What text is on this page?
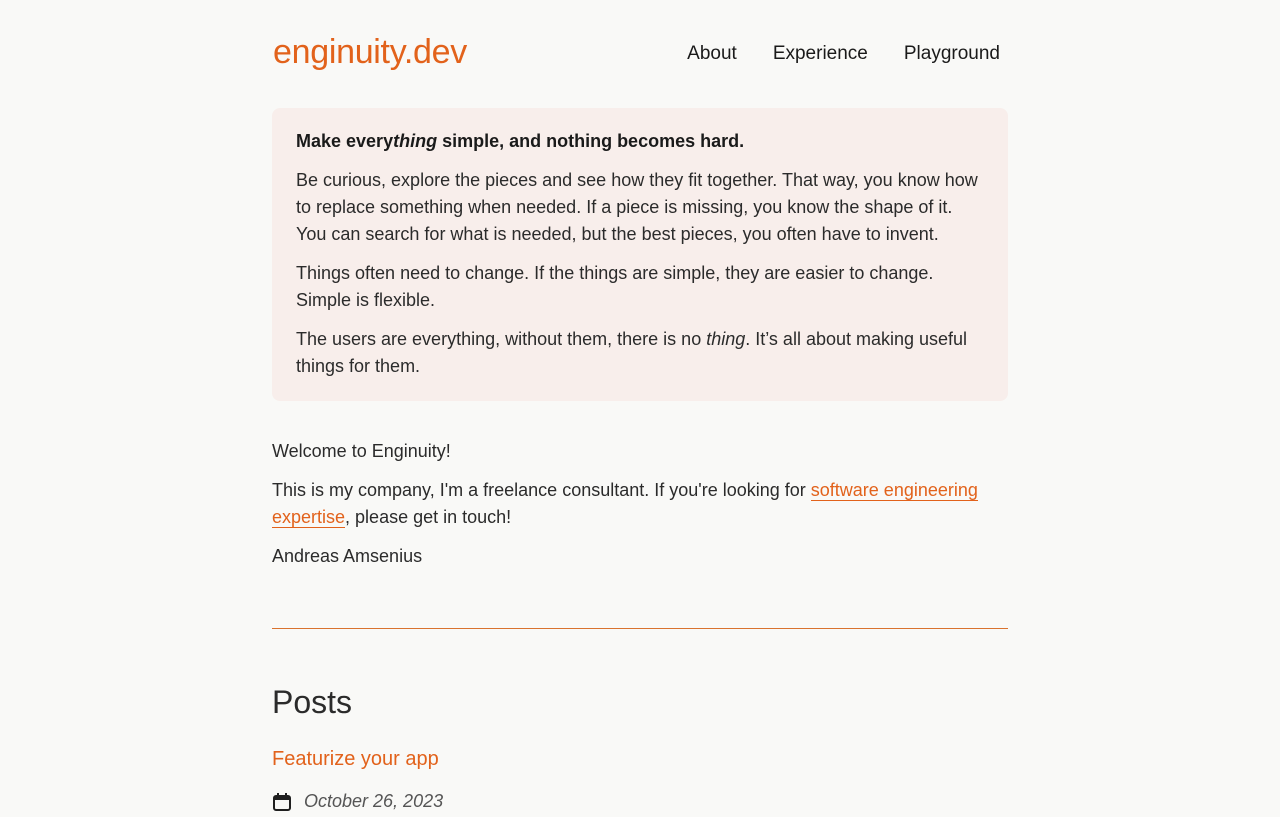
enginuity.dev	About Experience Playground

Make everything simple, and nothing becomes hard.

Be curious, explore the pieces and see how they fit together. That way, you know how to replace something when needed. If a piece is missing, you know the shape of it. You can search for what is needed, but the best pieces, you often have to invent.

Things often need to change. If the things are simple, they are easier to change. Simple is flexible.

The users are everything, without them, there is no thing. It’s all about making useful things for them.

Welcome to Enginuity!

This is my company, I'm a freelance consultant. If you're looking for software engineering expertise, please get in touch!

Andreas Amsenius

Posts
Featurize your app
October 26, 2023
